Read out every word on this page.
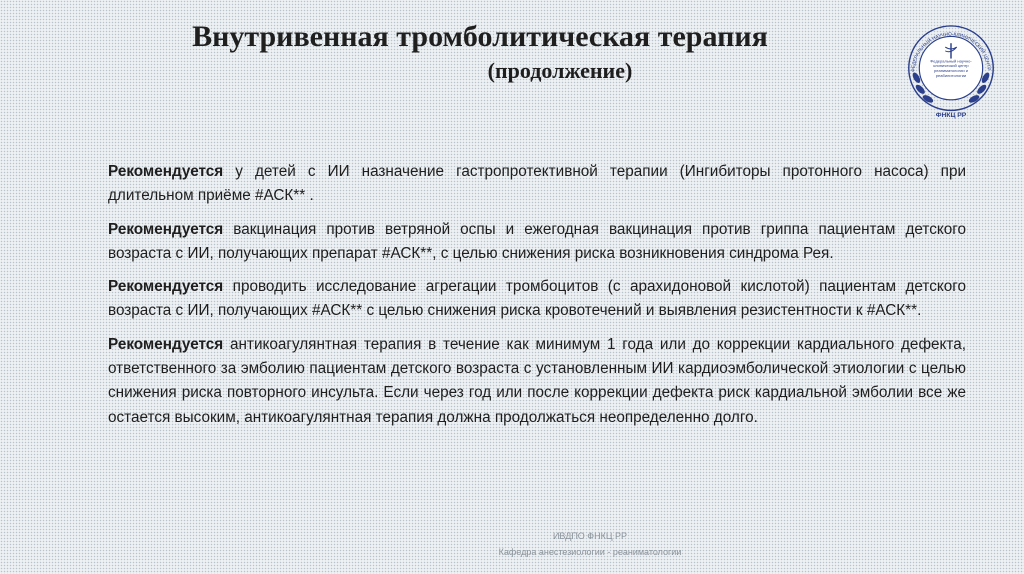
Внутривенная тромболитическая терапия
(продолжение)	ФЕДЕРАЛЬНЫЙ НАУЧНО-КЛИНИЧЕСКИЙ ЦЕНТР
Федеральный научно-клинический центр реаниматологии и реабилитологии
ФНКЦ РР

Рекомендуется у детей с ИИ назначение гастропротективной терапии (Ингибиторы протонного насоса) при длительном приёме #АСК** .

Рекомендуется вакцинация против ветряной оспы и ежегодная вакцинация против гриппа пациентам детского возраста с ИИ, получающих препарат #АСК**, с целью снижения риска возникновения синдрома Рея.

Рекомендуется проводить исследование агрегации тромбоцитов (с арахидоновой кислотой) пациентам детского возраста с ИИ, получающих #АСК** с целью снижения риска кровотечений и выявления резистентности к #АСК**.

Рекомендуется антикоагулянтная терапия в течение как минимум 1 года или до коррекции кардиального дефекта, ответственного за эмболию пациентам детского возраста с установленным ИИ кардиоэмболической этиологии с целью снижения риска повторного инсульта. Если через год или после коррекции дефекта риск кардиальной эмболии все же остается высоким, антикоагулянтная терапия должна продолжаться неопределенно долго.

ИВДПО ФНКЦ РР
Кафедра анестезиологии - реаниматологии
